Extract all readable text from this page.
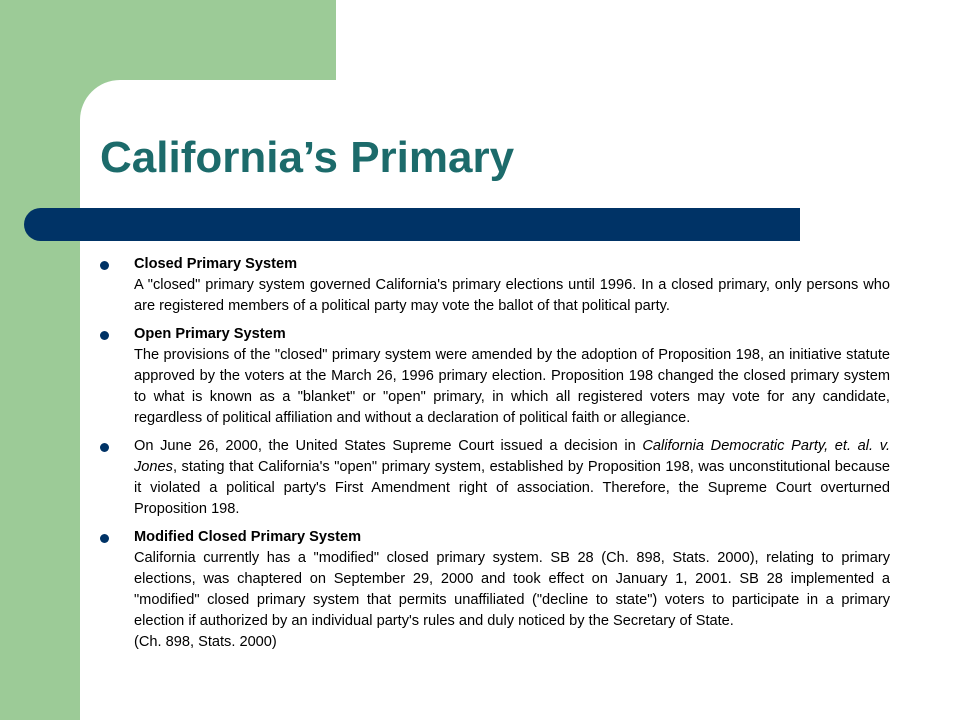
California’s Primary
Closed Primary System
A "closed" primary system governed California's primary elections until 1996. In a closed primary, only persons who are registered members of a political party may vote the ballot of that political party.
Open Primary System
The provisions of the "closed" primary system were amended by the adoption of Proposition 198, an initiative statute approved by the voters at the March 26, 1996 primary election. Proposition 198 changed the closed primary system to what is known as a "blanket" or "open" primary, in which all registered voters may vote for any candidate, regardless of political affiliation and without a declaration of political faith or allegiance.
On June 26, 2000, the United States Supreme Court issued a decision in California Democratic Party, et. al. v. Jones, stating that California's "open" primary system, established by Proposition 198, was unconstitutional because it violated a political party's First Amendment right of association. Therefore, the Supreme Court overturned Proposition 198.
Modified Closed Primary System
California currently has a "modified" closed primary system. SB 28 (Ch. 898, Stats. 2000), relating to primary elections, was chaptered on September 29, 2000 and took effect on January 1, 2001. SB 28 implemented a "modified" closed primary system that permits unaffiliated ("decline to state") voters to participate in a primary election if authorized by an individual party's rules and duly noticed by the Secretary of State.
(Ch. 898, Stats. 2000)
